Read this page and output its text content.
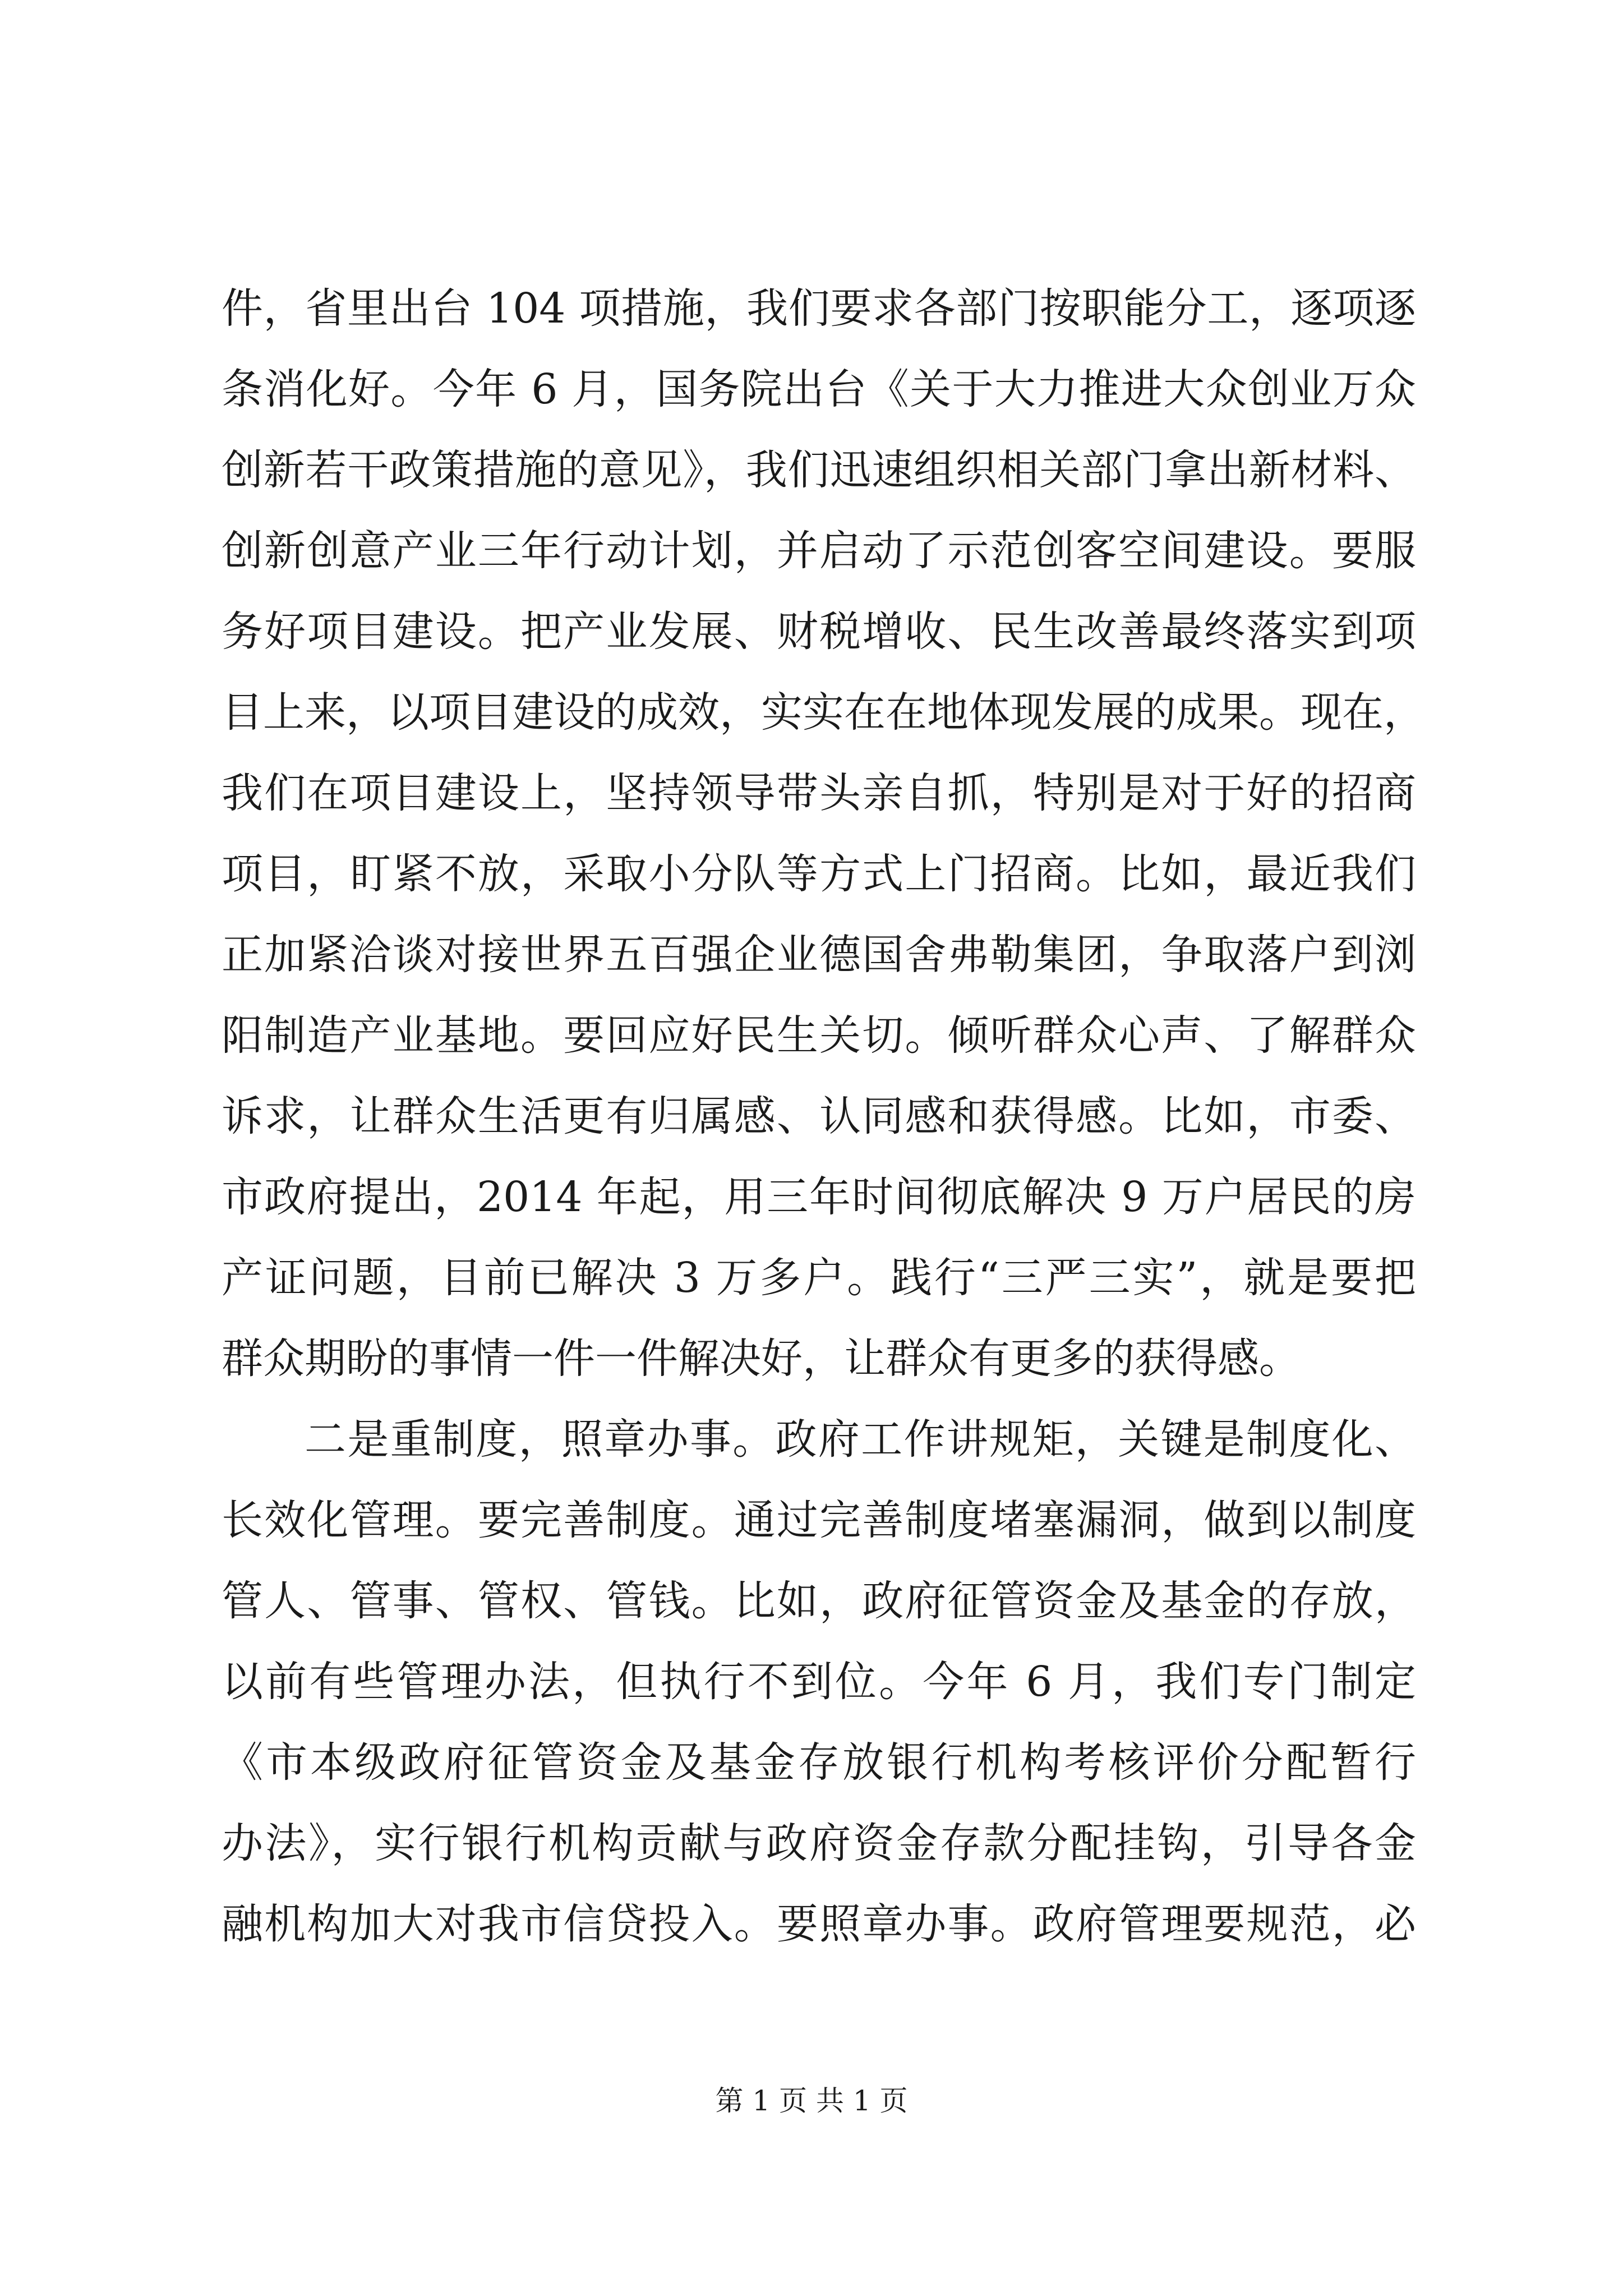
件，省里出台 104 项措施，我们要求各部门按职能分工，逐项逐
条消化好。今年 6 月，国务院出台《关于大力推进大众创业万众
创新若干政策措施的意见》，我们迅速组织相关部门拿出新材料、
创新创意产业三年行动计划，并启动了示范创客空间建设。要服
务好项目建设。把产业发展、财税增收、民生改善最终落实到项
目上来，以项目建设的成效，实实在在地体现发展的成果。现在，
我们在项目建设上，坚持领导带头亲自抓，特别是对于好的招商
项目，盯紧不放，采取小分队等方式上门招商。比如，最近我们
正加紧洽谈对接世界五百强企业德国舍弗勒集团，争取落户到浏
阳制造产业基地。要回应好民生关切。倾听群众心声、了解群众
诉求，让群众生活更有归属感、认同感和获得感。比如，市委、
市政府提出，2014 年起，用三年时间彻底解决 9 万户居民的房
产证问题，目前已解决 3 万多户。践行“三严三实”，就是要把
群众期盼的事情一件一件解决好，让群众有更多的获得感。
二是重制度，照章办事。政府工作讲规矩，关键是制度化、
长效化管理。要完善制度。通过完善制度堵塞漏洞，做到以制度
管人、管事、管权、管钱。比如，政府征管资金及基金的存放，
以前有些管理办法，但执行不到位。今年 6 月，我们专门制定
《市本级政府征管资金及基金存放银行机构考核评价分配暂行
办法》，实行银行机构贡献与政府资金存款分配挂钩，引导各金
融机构加大对我市信贷投入。要照章办事。政府管理要规范，必
第 1 页 共 1 页
